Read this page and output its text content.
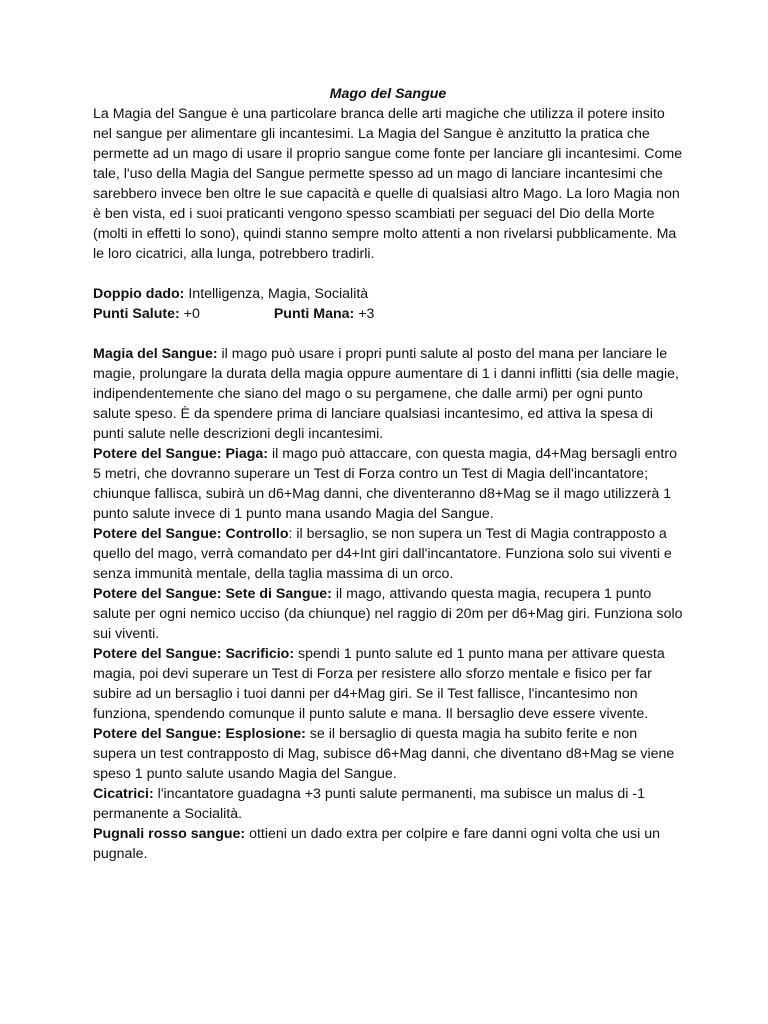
Mago del Sangue

La Magia del Sangue è una particolare branca delle arti magiche che utilizza il potere insito nel sangue per alimentare gli incantesimi. La Magia del Sangue è anzitutto la pratica che permette ad un mago di usare il proprio sangue come fonte per lanciare gli incantesimi. Come tale, l'uso della Magia del Sangue permette spesso ad un mago di lanciare incantesimi che sarebbero invece ben oltre le sue capacità e quelle di qualsiasi altro Mago. La loro Magia non è ben vista, ed i suoi praticanti vengono spesso scambiati per seguaci del Dio della Morte (molti in effetti lo sono), quindi stanno sempre molto attenti a non rivelarsi pubblicamente. Ma le loro cicatrici, alla lunga, potrebbero tradirli.

Doppio dado: Intelligenza, Magia, Socialità

Punti Salute: +0	Punti Mana: +3

Magia del Sangue: il mago può usare i propri punti salute al posto del mana per lanciare le magie, prolungare la durata della magia oppure aumentare di 1 i danni inflitti (sia delle magie, indipendentemente che siano del mago o su pergamene, che dalle armi) per ogni punto salute speso. È da spendere prima di lanciare qualsiasi incantesimo, ed attiva la spesa di punti salute nelle descrizioni degli incantesimi.

Potere del Sangue: Piaga: il mago può attaccare, con questa magia, d4+Mag bersagli entro 5 metri, che dovranno superare un Test di Forza contro un Test di Magia dell'incantatore; chiunque fallisca, subirà un d6+Mag danni, che diventeranno d8+Mag se il mago utilizzerà 1 punto salute invece di 1 punto mana usando Magia del Sangue.

Potere del Sangue: Controllo: il bersaglio, se non supera un Test di Magia contrapposto a quello del mago, verrà comandato per d4+Int giri dall'incantatore. Funziona solo sui viventi e senza immunità mentale, della taglia massima di un orco.

Potere del Sangue: Sete di Sangue: il mago, attivando questa magia, recupera 1 punto salute per ogni nemico ucciso (da chiunque) nel raggio di 20m per d6+Mag giri. Funziona solo sui viventi.

Potere del Sangue: Sacrificio: spendi 1 punto salute ed 1 punto mana per attivare questa magia, poi devi superare un Test di Forza per resistere allo sforzo mentale e fisico per far subire ad un bersaglio i tuoi danni per d4+Mag giri. Se il Test fallisce, l'incantesimo non funziona, spendendo comunque il punto salute e mana. Il bersaglio deve essere vivente.

Potere del Sangue: Esplosione: se il bersaglio di questa magia ha subito ferite e non supera un test contrapposto di Mag, subisce d6+Mag danni, che diventano d8+Mag se viene speso 1 punto salute usando Magia del Sangue.

Cicatrici: l'incantatore guadagna +3 punti salute permanenti, ma subisce un malus di -1 permanente a Socialità.

Pugnali rosso sangue: ottieni un dado extra per colpire e fare danni ogni volta che usi un pugnale.
